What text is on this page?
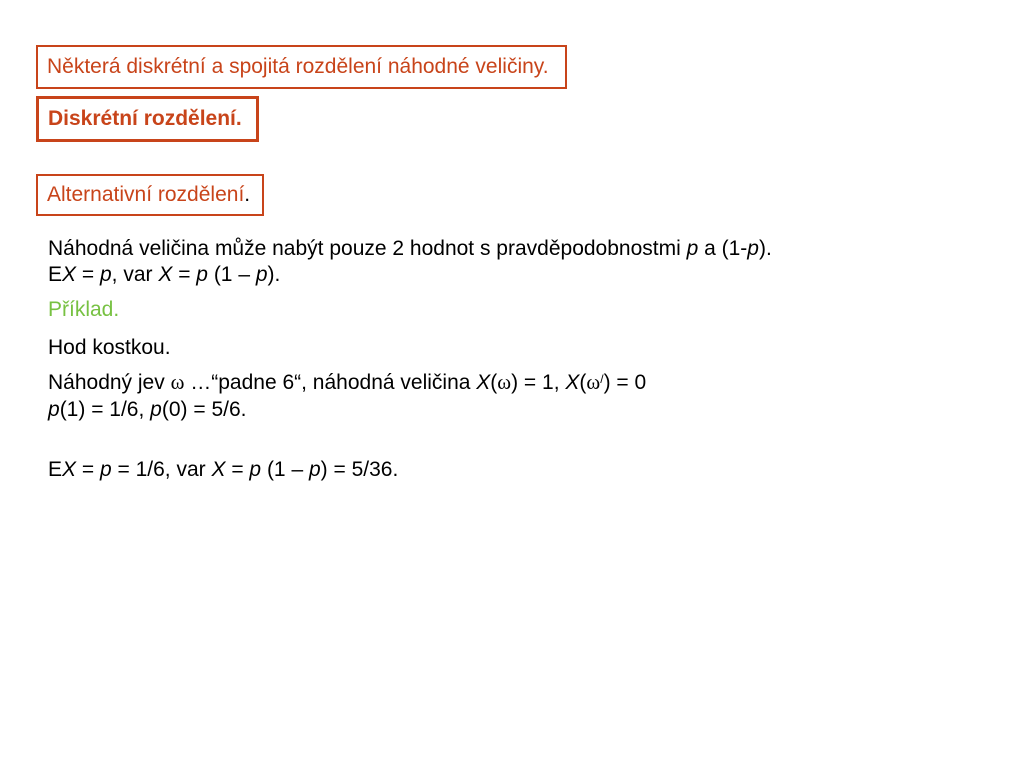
Některá diskrétní a spojitá rozdělení náhodné veličiny.
Diskrétní rozdělení.
Alternativní rozdělení .
Náhodná veličina může nabýt pouze 2 hodnot s pravděpodobnostmi p a (1-p).
EX = p, var X = p (1 – p).
Příklad.
Hod kostkou.
Náhodný jev ω …“padne 6“, náhodná veličina X(ω) = 1, X(ω/) = 0
p(1) = 1/6, p(0) = 5/6.
EX = p = 1/6, var X = p (1 – p) = 5/36.
